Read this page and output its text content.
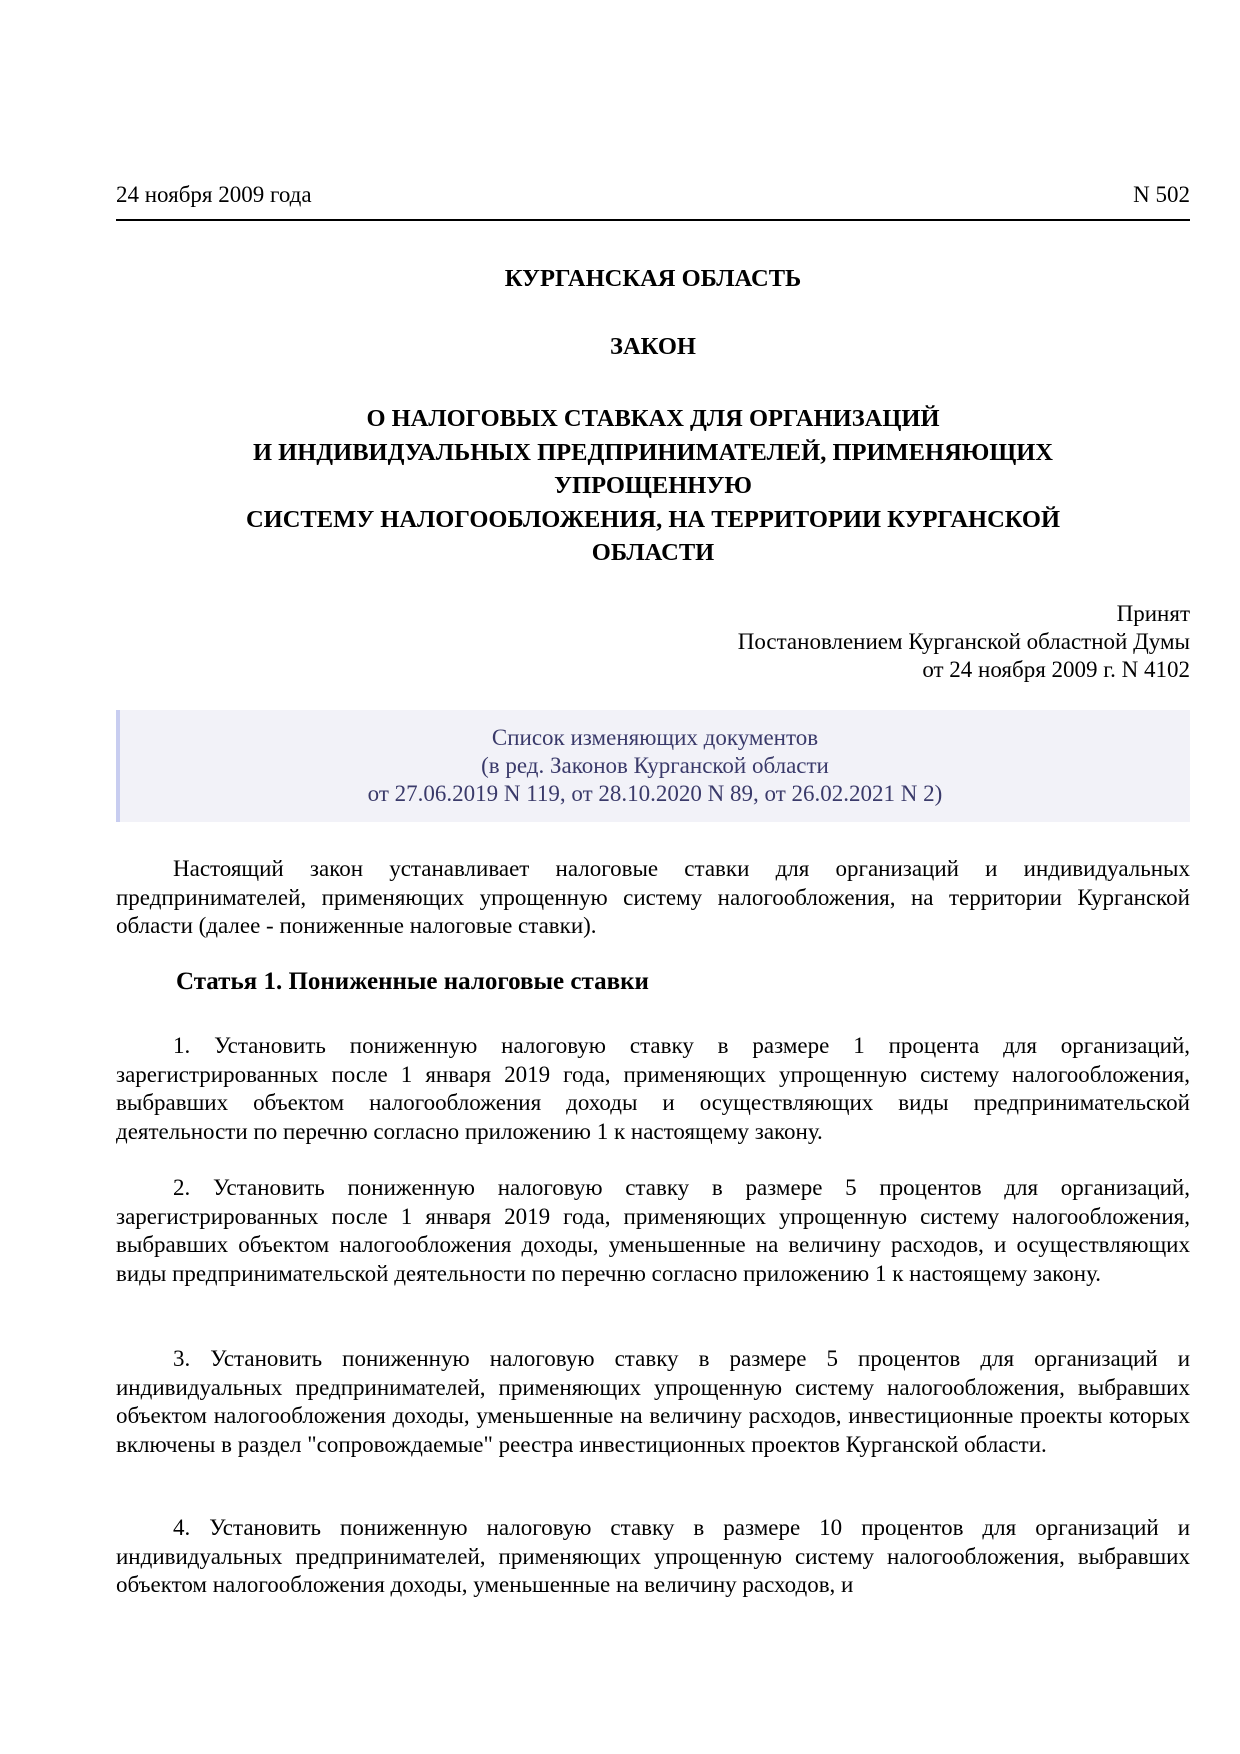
24 ноября 2009 года	N 502
КУРГАНСКАЯ ОБЛАСТЬ
ЗАКОН
О НАЛОГОВЫХ СТАВКАХ ДЛЯ ОРГАНИЗАЦИЙ
И ИНДИВИДУАЛЬНЫХ ПРЕДПРИНИМАТЕЛЕЙ, ПРИМЕНЯЮЩИХ
УПРОЩЕННУЮ
СИСТЕМУ НАЛОГООБЛОЖЕНИЯ, НА ТЕРРИТОРИИ КУРГАНСКОЙ
ОБЛАСТИ
Принят
Постановлением Курганской областной Думы
от 24 ноября 2009 г. N 4102
Список изменяющих документов
(в ред. Законов Курганской области
от 27.06.2019 N 119, от 28.10.2020 N 89, от 26.02.2021 N 2)
Настоящий закон устанавливает налоговые ставки для организаций и индивидуальных предпринимателей, применяющих упрощенную систему налогообложения, на территории Курганской области (далее - пониженные налоговые ставки).
Статья 1. Пониженные налоговые ставки
1. Установить пониженную налоговую ставку в размере 1 процента для организаций, зарегистрированных после 1 января 2019 года, применяющих упрощенную систему налогообложения, выбравших объектом налогообложения доходы и осуществляющих виды предпринимательской деятельности по перечню согласно приложению 1 к настоящему закону.
2. Установить пониженную налоговую ставку в размере 5 процентов для организаций, зарегистрированных после 1 января 2019 года, применяющих упрощенную систему налогообложения, выбравших объектом налогообложения доходы, уменьшенные на величину расходов, и осуществляющих виды предпринимательской деятельности по перечню согласно приложению 1 к настоящему закону.
3. Установить пониженную налоговую ставку в размере 5 процентов для организаций и индивидуальных предпринимателей, применяющих упрощенную систему налогообложения, выбравших объектом налогообложения доходы, уменьшенные на величину расходов, инвестиционные проекты которых включены в раздел "сопровождаемые" реестра инвестиционных проектов Курганской области.
4. Установить пониженную налоговую ставку в размере 10 процентов для организаций и индивидуальных предпринимателей, применяющих упрощенную систему налогообложения, выбравших объектом налогообложения доходы, уменьшенные на величину расходов, и
